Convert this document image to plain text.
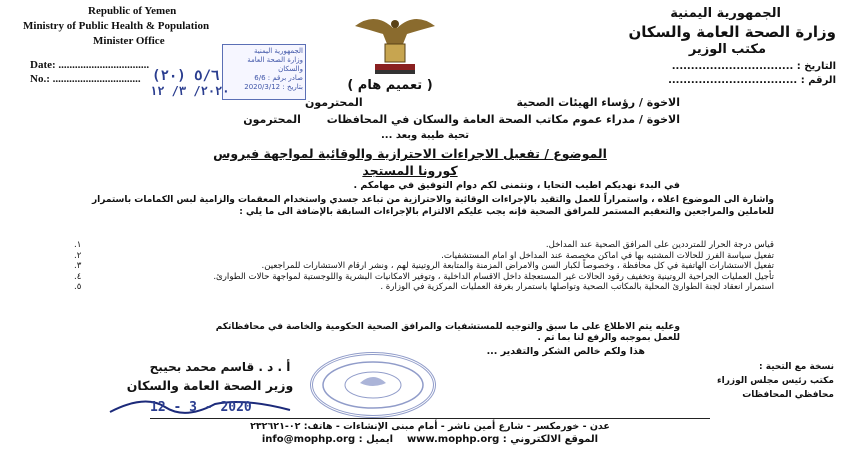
Republic of Yemen
Ministry of Public Health & Population
Minister Office
Date: .................................
No.: ................................
الجمهورية اليمنية
وزارة الصحة العامة والسكان
مكتب الوزير
التاريخ : ................................
الرقم : ..................................
الجمهورية اليمنية
وزارة الصحة العامة والسكان
صادر برقم : 6/6
بتاريخ : 2020/3/12
(٢٠) ٥/٦
٢٠٢٠/ ٣/ ١٢	( تعميم هام )
الاخوة / رؤساء الهيئات الصحية المحترمون
الاخوة / مدراء عموم مكاتب الصحة العامة والسكان في المحافظات المحترمون
تحية طيبة وبعد ...
الموضوع / تفعيل الاجراءات الاحترازية والوقائية لمواجهة فيروس
كورونا المستجد
في البدء نهديكم اطيب التحايا ، ونتمنى لكم دوام التوفيق في مهامكم .
واشارة الى الموضوع اعلاه ، واستمراراً للعمل والتقيد بالإجراءات الوقائية والاحترازية من تباعد جسدي واستخدام المعقمات والزامية لبس الكمامات باستمرار للعاملين والمراجعين والتعقيم المستمر للمرافق الصحية فإنه يجب عليكم الالتزام بالإجراءات السابقة بالإضافة الى ما يلي :
قياس درجة الحرار للمترددين على المرافق الصحية عند المداخل.
١.
تفعيل سياسة الفرز للحالات المشتبه بها في اماكن مخصصة عند المداخل او امام المستشفيات.
٢.
تفعيل الاستشارات الهاتفية في كل محافظة ، وخصوصاً لكبار السن والامراض المزمنة والمتابعة الروتينية لهم ، ونشر ارقام الاستشارات للمراجعين.
٣.
تأجيل العمليات الجراحية الروتينية وتخفيف رقود الحالات غير المستعجلة داخل الاقسام الداخلية ، وتوفير الامكانيات البشرية واللوجستية لمواجهة حالات الطوارئ.
٤.
استمرار انعقاد لجنة الطوارئ المحلية بالمكاتب الصحية وتواصلها باستمرار بغرفة العمليات المركزية في الوزارة .
٥.
وعليه يتم الاطلاع على ما سبق والتوجيه للمستشفيات والمرافق الصحية الحكومية والخاصة في محافظاتكم للعمل بموجبه والرفع لنا بما تم .
هذا ولكم خالص الشكر والتقدير ...
أ . د . قاسم محمد بحيبح
وزير الصحة العامة والسكان
12 - 3 - 2020
نسخة مع التحية :
مكتب رئيس مجلس الوزراء
محافظي المحافظات
عدن - خورمكسر - شارع أمين ناشر - أمام مبنى الإنشاءات - هاتف: ٠٢-٢٣٢٦٢١
الموقع الالكتروني : www.mophp.org    ايميل : info@mophp.org
